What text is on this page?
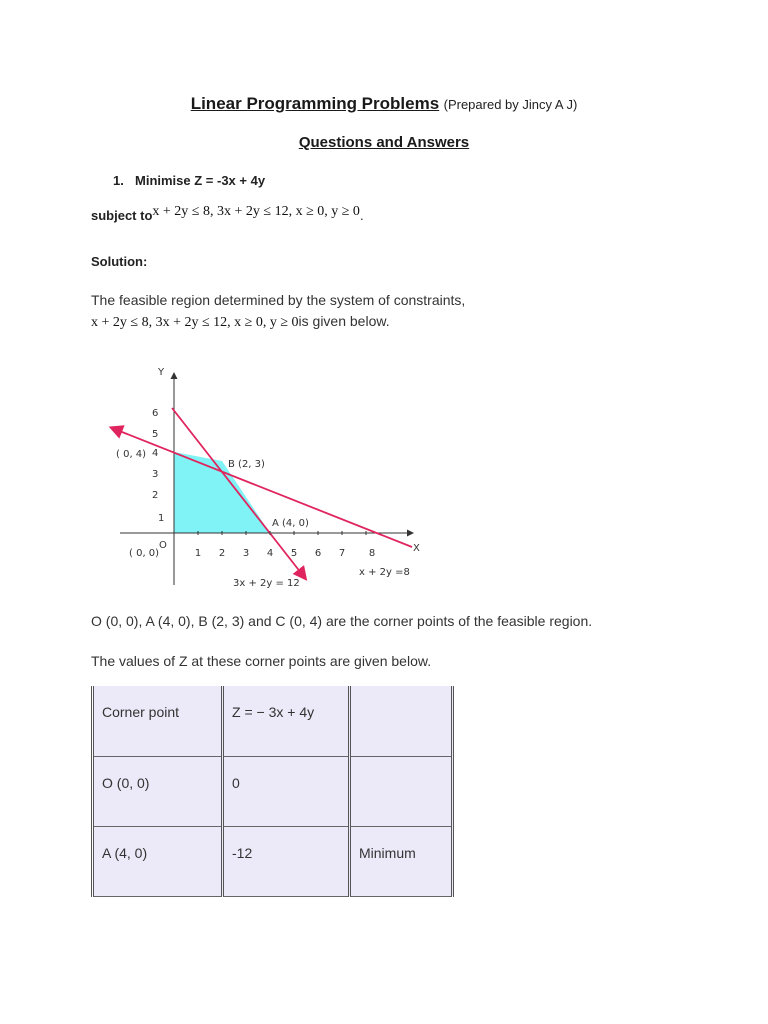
Linear Programming Problems (Prepared by Jincy A J)
Questions and Answers
1. Minimise Z = -3x + 4y
subject tox + 2y ≤ 8, 3x + 2y ≤ 12, x ≥ 0, y ≥ 0.
Solution:
The feasible region determined by the system of constraints,
x + 2y ≤ 8, 3x + 2y ≤ 12, x ≥ 0, y ≥ 0is given below.
1 2 3 4 5 6 7 8
1
2
3
4
5
6
Y
X
O
( 0, 0)
( 0, 4)
B (2, 3)
A (4, 0)
3x + 2y = 12
x + 2y =8
O (0, 0), A (4, 0), B (2, 3) and C (0, 4) are the corner points of the feasible region.
The values of Z at these corner points are given below.
Corner point	Z = − 3x + 4y	
O (0, 0)	0	
A (4, 0)	-12	Minimum
